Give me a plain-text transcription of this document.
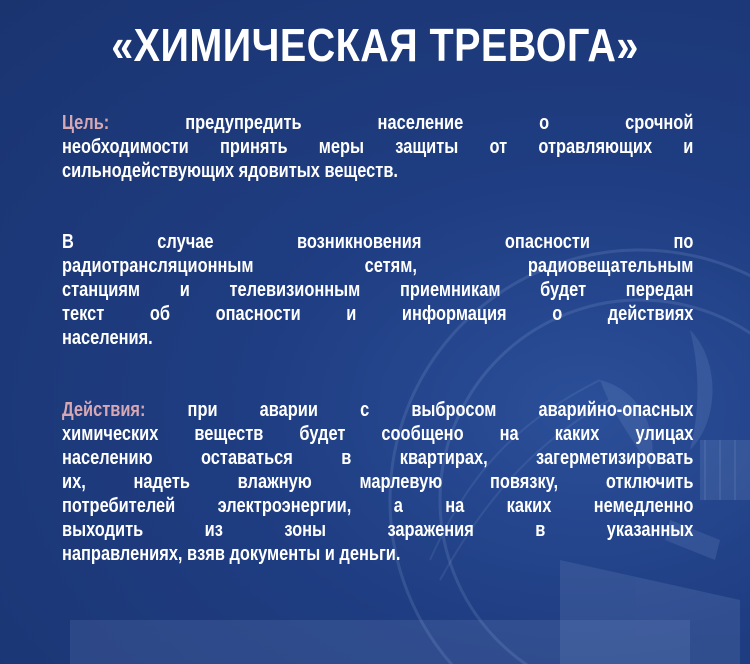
«ХИМИЧЕСКАЯ ТРЕВОГА»
Цель: предупредить население о срочной
необходимости принять меры защиты от отравляющих и
сильнодействующих ядовитых веществ.
В случае возникновения опасности по
радиотрансляционным сетям, радиовещательным
станциям и телевизионным приемникам будет передан
текст об опасности и информация о действиях
населения.
Действия: при аварии с выбросом аварийно-опасных
химических веществ будет сообщено на каких улицах
населению оставаться в квартирах, загерметизировать
их, надеть влажную марлевую повязку, отключить
потребителей электроэнергии, а на каких немедленно
выходить из зоны заражения в указанных
направлениях, взяв документы и деньги.
